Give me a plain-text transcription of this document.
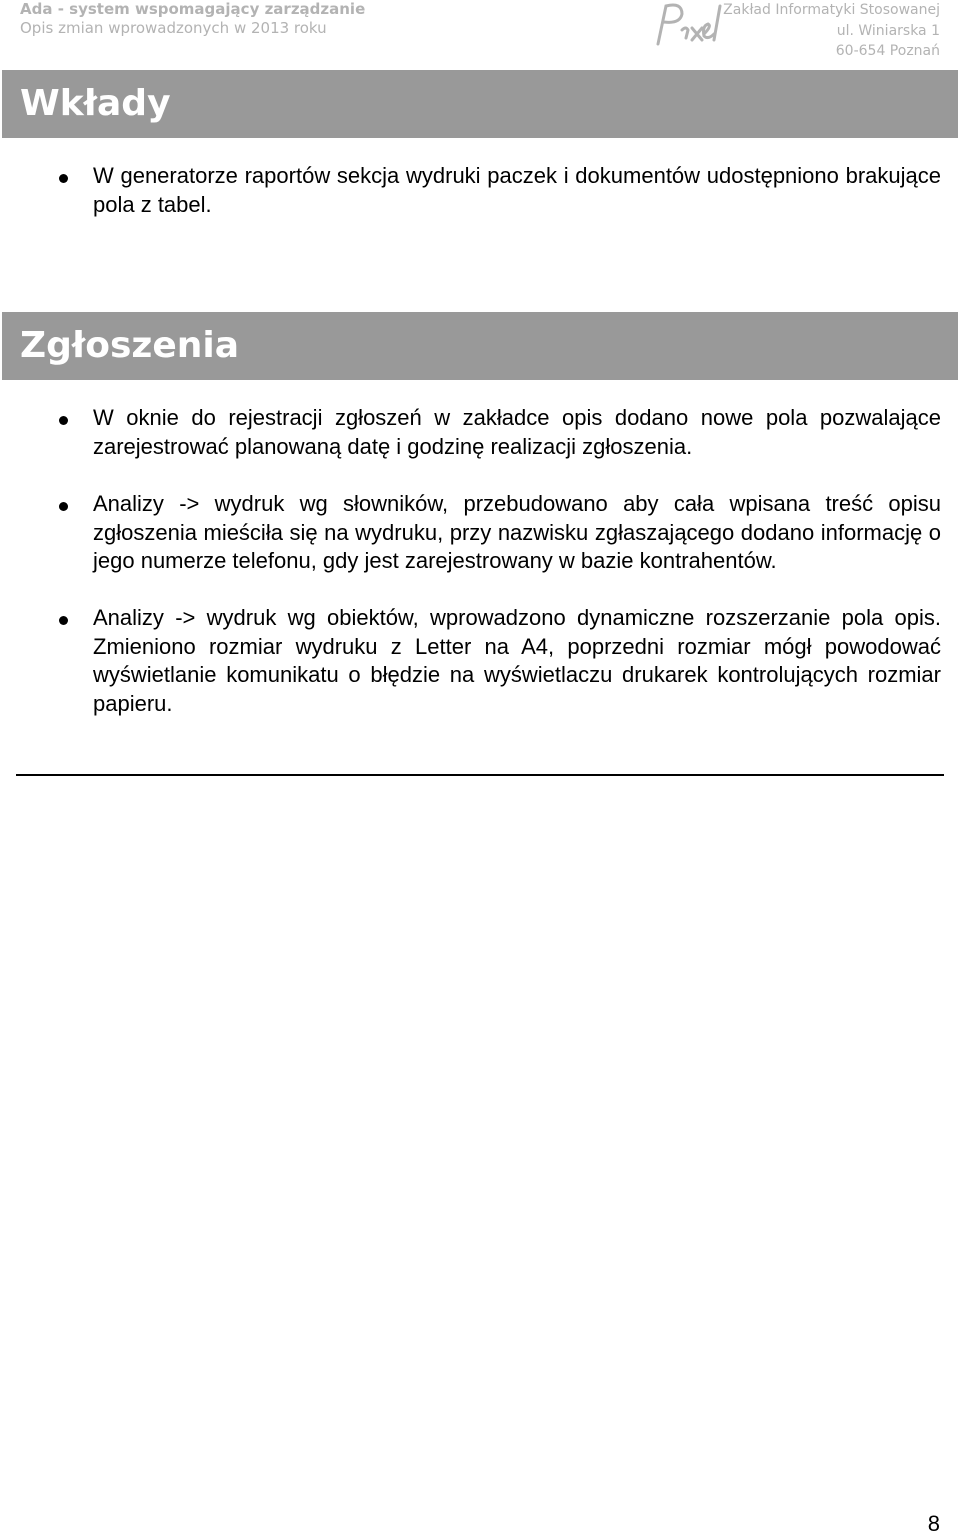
Ada - system wspomagający zarządzanie
Opis zmian wprowadzonych w 2013 roku
Pixel
Zakład Informatyki Stosowanej
ul. Winiarska 1
60-654 Poznań
Wkłady
W generatorze raportów sekcja wydruki paczek i dokumentów udostępniono brakujące pola z tabel.
Zgłoszenia
W oknie do rejestracji zgłoszeń w zakładce opis dodano nowe pola pozwalające zarejestrować planowaną datę i godzinę realizacji zgłoszenia.
Analizy -> wydruk wg słowników, przebudowano aby cała wpisana treść opisu zgłoszenia mieściła się na wydruku, przy nazwisku zgłaszającego dodano informację o jego numerze telefonu, gdy jest zarejestrowany w bazie kontrahentów.
Analizy -> wydruk wg obiektów, wprowadzono dynamiczne rozszerzanie pola opis. Zmieniono rozmiar wydruku z Letter na A4, poprzedni rozmiar mógł powodować wyświetlanie komunikatu o błędzie na wyświetlaczu drukarek kontrolujących rozmiar papieru.
8
